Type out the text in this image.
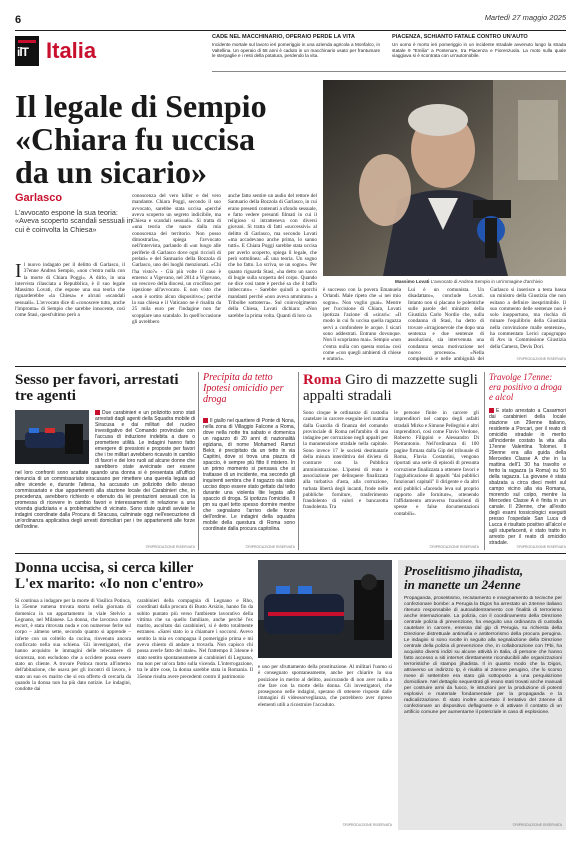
6	Martedì 27 maggio 2025
ilT Italia
CADE NEL MACCHINARIO, OPERAIO PERDE LA VITA
Incidente mortale sul lavoro ieri pomeriggio in una azienda agricola a Monfalco, in Valtellina. Un operaio di 58 anni è caduto in un macchinario usato per frantumare le sterpaglie e i resti della potatura, perdendo la vita.
PIACENZA, SCHIANTO FATALE CONTRO UN'AUTO
Un uomo è morto ieri pomeriggio in un incidente stradale avvenuto lungo la strada statale 9 "Emilia" a Pontenure, tra Piacenza e Fiorenzuola. La moto sulla quale viaggiava si è scontrata con un'automobile.
Il legale di Sempio
«Chiara fu uccisa
da un sicario»
Massimo Lovati L'avvocato di Andrea Sempio in un'immagine d'archivio
Garlasco
L'avvocato espone la sua teoria: «Aveva scoperto scandali sessuali in cui è coinvolta la Chiesa»
Il nuovo indagato per il delitto di Garlasco, il 37enne Andrea Sempio, «non c'entra nulla con la morte di Chiara Poggi». A dirlo, in una intervista rilasciata a Repubblica, è il suo legale Massimo Lovati, che espone una sua teoria che riguarderebbe «la Chiesa» e alcuni «scandali sessuali». L'avvocato dice di «conoscere tutto, anche l'impronta» di Sempio che sarebbe innocente, così come Stasi, quest'ultimo però a
conoscenza del vero killer e del vero mandante. Chiara Poggi, secondo il suo avvocato, sarebbe stata uccisa «perché aveva scoperto un segreto indicibile, ma Chiesa e scandali sessuali». Si tratta di «una teoria che nasce dalla mia conoscenza del territorio. Non posso dimostrarla», spiega l'avvocato nell'intervista, parlando di «un luogo alle periferie di Garlasco dove ogni riccioli di prelati» e del Santuario della Bozzola di Garlasco, uno dei luoghi menzionati. «Chi l'ha visto?» - Già più volte il caso è emerso: a Vigevano, nel 2014 a Vigevano, un vescovo della diocesi, un crocifisso per ispezione all'avvocato. E non visto che «non è sortito alcun dispositivo»; perché la sua chiesa e il Vaticano ne è risalita da 25 mila euro per l'indagine non far scoppiare uno scandalo. In quell'occasione gli avrebbero
anche fatto sentire un audio del rettore del Santuario della Bozzola di Garlasco, in cui erano presenti contenuti a sfondo sessuale, e fatto vedere presunti filmati in cui il religioso si intratteneva con diversi giovani. Si tratta di fatti «successivi» al delitto di Garlasco, ma secondo Lovati «ma accadevano anche prima, lo sanno tutti». E Chiara Poggi sarebbe stata uccisa per averlo scoperto, spiega il legale, che però sottolinea: «È una teoria. Un sogno che ho fatto. Lo scriva, se un sogno». Per quanto riguarda Stasi, «ha detto un sacco di bugie sulla scoperta del corpo. Quando ne dice così tante è perché sa che il baffo imbeccato» - Sarebbe quindi a sporchi mandanti perché «non aveva ammirato» a Tribolbe sottoterra». Sul coinvolgimento della Chiesa, Lovati dichiara: «Non sarebbe la prima volta. Quanti di loro ca
è successo con la povera Emanuela Orlandi. Male ripeto che «i nei mio sogno». Non voglio guai». Mentre per l'uccisione di Chiara, Lovati ipotizza l'azione di «sicari»: «Il modo in cui fu uccisa quella ragazza servì a confondere le acque. I sicari sono addestrati. Entrano dovunque. Non li scopriamo mai». Sempio «non c'entra nulla con questa storia» così come «con quegli ambienti di chiese e oratori».
Lui è un comunista. Un disadattato», conclude Lovati. Intanto non si placano le polemiche sulle parole del ministro della Giustizia Carlo Nordio che, sulla condanna di Stasi, ha detto di trovare «irragionevole che dopo una sentenza e due sentenze di assoluzioni, sia intervenuta una condanna senza motivazione nel nuovo processo». «Nella complessità e nelle ambiguità del
Garlasco si inserisce a testa bassa un ministro della Giustizia che non esitano a definire inesprimibile. Il suo commento delle sentenze non è solo inopportuno, ma rischia di minare l'equilibrio della Giustizia nella convinzione malle sentenze», ha commentato Lerici capogruppo di Avs in Commissione Giustizia della Camera, Devis Dori.
©RIPRODUZIONE RISERVATA
Sesso per favori, arrestati tre agenti
Due carabinieri e un poliziotto sono stati arrestati dagli agenti della Squadra mobile di Siracusa e dai militari del nucleo investigativo del Comando provinciale con l'accusa di induzione indebita a dare o promettere utilità. Le indagini hanno fatto emergere di pressioni e proposte per favori che i tre militari avrebbero ricavato in cambio di favori e dei loro ruoli ad alcune donne che sarebbero state avvicinate per essere
nel loro confronti sono scattate quando una donna si è presentata all'ufficio denuncia di un commissariato siracusano per rimettere una querela legata ad altre vicende e, durante l'attesa, ha accusato un poliziotto dello stesso commissariato e due appartenenti alla stazione locale dei Carabinieri che, in precedenza, avrebbero richiesto e ottenuto da lei prestazioni sessuali con la promessa di ricevere in cambio favori e interessamenti in relazione a una vicenda giudiziaria e a problematiche di vicinato. Sono state quindi avviate le indagini coordinate dalla Procura di Siracusa, culminate oggi nell'esecuzione di un'ordinanza applicativa degli arresti domiciliari per i tre appartenenti alle forze dell'ordine.
©RIPRODUZIONE RISERVATA
Precipita da tetto Ipotesi omicidio per droga
Il giallo nel quartiere di Ponte di Nona, nella zona di Villaggio Falcone a Roma, dove nella notte tra sabato e domenica un ragazzo di 20 anni di nazionalità egiziana, di nome Mohamed Ramzi Bekir, è precipitato da un tetto in via Capitini, dove si trova una piazza di spaccio, è sempre più fitto il mistero. In un primo momento si pensava che si trattasse di un incidente, ma secondo gli inquirenti sembra che il ragazzo sia stato ucciso dopo essere stato gettato dal tetto durante una violenta lite legata allo spaccio di droga. Si ipotizza l'omicidio. Il pm su quel tetto spesso dormire mentre che segnalano l'arrivo delle forze dell'ordine. Le indagini della squadra mobile della questura di Roma sono coordinate dalla procura capitolina.
©RIPRODUZIONE RISERVATA
Roma Giro di mazzette sugli appalti stradali
Sono cinque le ordinanze di custodia cautelare in carcere eseguite ieri mattina dalla Guardia di finanza del comando provinciale di Roma nell'ambito di una indagine per corruzione negli appalti per la manutenzione stradale nella capitale. Sono invece 17 le società destinatarie della misura interdittiva del divieto di contrarre con la Pubblica amministrazione. L'ipotesi di reato è associazione per delinquere finalizzata alla turbativa d'asta, alla corruzione, turbata libertà degli incanti, frode nelle pubbliche forniture, trasferimento fraudolento di valori e bancarotta fraudolenta. Tra
le persone finite in carcere gli imprenditori nel campo degli asfalti stradali Mirko e Simone Pellegrini e altri imprenditori, così come Flavio Verdone, Roberto Filippini e Alessandro Di Pietrantonio. Nell'ordinanza di 100 pagine firmata dalla Gip del tribunale di Roma, Flavia Costantini, vengono riportati una serie di episodi di presunta corruzione finalizzata a ottenere favori e l'aggiudicazione di appalti "dai pubblici funzionari capitali" il dirigente e da altri enti pubblici «facendo leva sul proprio rapporto alle forniture», ottenendo l'affidamento attraverso fraudolenti di spesse e false documentazioni contabili».
©RIPRODUZIONE RISERVATA
Travolge 17enne: era positivo a droga e alcol
È stato arrestato a Casarmori dai carabinieri della locale stazione un 29enne italiano, residente a Porcari, per il reato di omicidio stradale in merito all'incidente costato la vita alla 17enne Valentina Tolomei. Il 29enne era alla guida della Mercedes Classe A che in la mattina dell'1 30 ha travolto e ferito la ragazza (a Roma) su 50 della ragazza. La giovane è stata sbalzata a circa dieci metri sul campo vicino alla via Romana, morendo sul colpo, mentre la Mercedes Classe A è finita in un canale. Il 29enne, che all'esito degli esami tossicologici eseguiti presso l'ospedale San Luca di Lucca è risultato positivo all'alcol e agli stupefacenti, è stato tratto in arresto per il reato di omicidio stradale.
©RIPRODUZIONE RISERVATA
Donna uccisa, si cerca killer
L'ex marito: «Io non c'entro»
Si continua a indagare per la morte di Vasilica Potinca, la 35enne rumena trovata morta nella giornata di domenica in un appartamento in viale Stelvio a Legnano, nel Milanese. La donna, che lavorava come escort, è stata ritrovata nuda e con numerose ferite sul corpo – almeno sette, secondo quanto si apprende – inferte con un coltello da cucina, rinvenuto ancora conficcato nella sua schiena. Gli investigatori, che hanno acquisito le immagini delle telecamere di sicurezza, non escludono che a uccidere possa essere stato un cliente. A trovare Potinca morta all'interno dell'abitazione, che usava per gli incontri di lavoro, è stato un suo ex marito che si era offerto di cercarla da quando la donna non ha più dato notizie. Le indagini, condotte dai
carabinieri della compagnia di Legnano e Rho, coordinati dalla procura di Busto Arsizio, hanno fin da subito puntato più verso l'ambiente lavorativo della vittima che su quello familiare, anche perché l'ex marito, ascoltato dai carabinieri, si è detto totalmente estraneo. «Sarei stato io a chiamare i soccorsi. Avevo sentito la mia ex compagna il pomeriggio prima e mi aveva chiesto di andare a trovarla. Non capisco chi possa averle fatto del male». Nel frattempo il 34enne è stato sentito spontaneamente ai carabinieri di Legnano, ma non per un'ora fatto sulla vicenda. L'interrogazione, tra le altre cose, la donna sarebbe stata in Romania. Il 35enne risulta avere precedenti contro il patrimonio
e uno per sfruttamento della prostituzione. Al militari l'uomo si è consegnato spontaneamente, anche per chiarire la sua posizione in merito al delitto, assicurando di non aver nulla a che fare con la morte della donna. Gli investigatori, che proseguono nelle indagini, sperano di ottenere risposte dalle immagini di videosorveglianza, che potrebbero aver ripreso elementi utili a ricostruire l'accaduto.
©RIPRODUZIONE RISERVATA
Proselitismo jihadista,
in manette un 24enne
Propaganda, proselitismo, reclutamento e insegnamento di tecniche per confezionare bombe: a Perugia la Digos ha arrestato un 24enne italiano ritenuto responsabile di autoaddestramento con finalità di terrorismo anche internazionale. La polizia, con il coordinamento della Direzione centrale polizia di prevenzione, ha eseguito una ordinanza di custodia cautelare in carcere, emessa dal gip di Perugia, su richiesta della Direzione distrettuale antimafia e antiterrorismo della procura perugina. Le indagini si sono svolte in seguito alla segnalazione della Direzione centrale della polizia di prevenzione che, in collaborazione con l'Fbi, ha acquisito diversi indizi su alcune attività in Italia, di persone che hanno fatto accesso a siti internet direttamente riconducibili alle organizzazioni terroristiche di stampo jihadista. Il in quanto modo che la Digos, attraverso un indirizzo Ip, è risalito al 24enne perugino, che lo scorso mese di settembre era stato già sottoposto a una perquisizione domiciliare. Nel dettaglio sequestrati gli erano stati trovati anche manuali per costruire armi da fuoco, le istruzioni per la produzione di potenti esplosivi e materiale fondamentale per la propaganda e la radicalizzazione. È stato inoltre accertato il tentativo del 24enne di confezionare un dispositivo deflagrante e di attivare il contatto di un artificio comune per aumentarne il potenziale in caso di esplosione.
©RIPRODUZIONE RISERVATA
